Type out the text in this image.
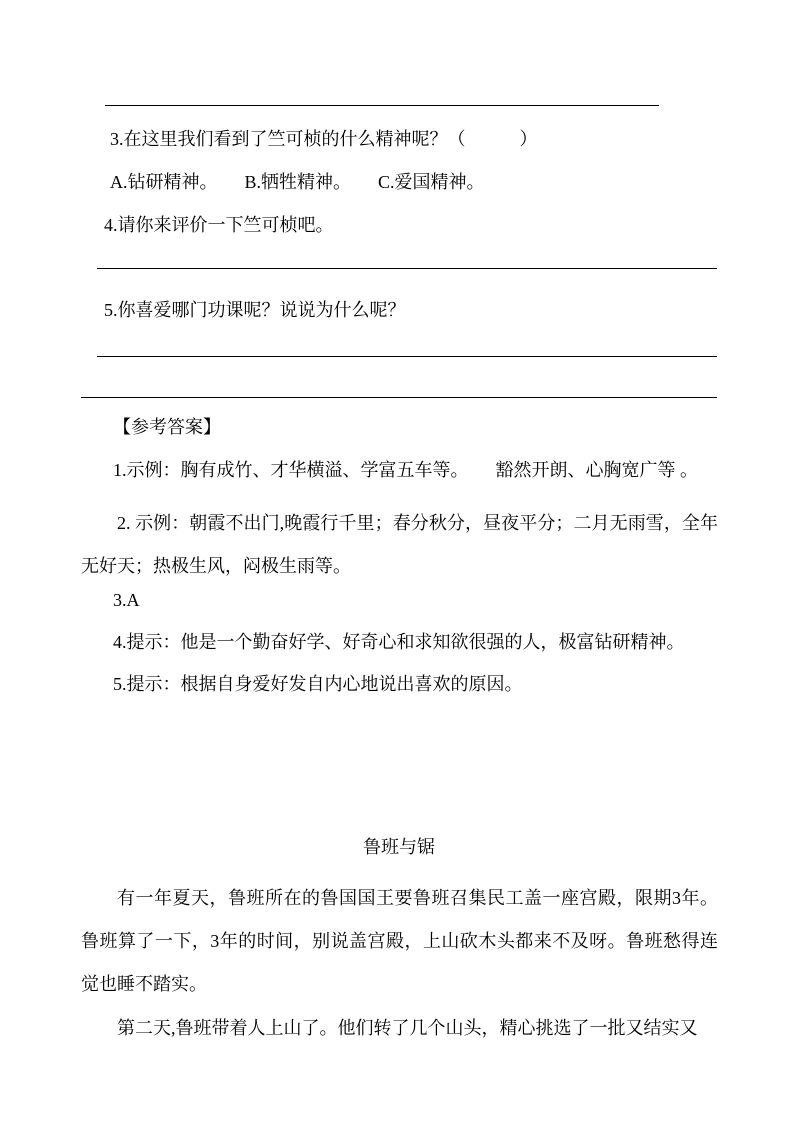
3.在这里我们看到了竺可桢的什么精神呢？（　　　）
A.钻研精神。　　B.牺牲精神。　　C.爱国精神。
4.请你来评价一下竺可桢吧。
5.你喜爱哪门功课呢？说说为什么呢？
【参考答案】
1.示例：胸有成竹、才华横溢、学富五车等。　　豁然开朗、心胸宽广等 。
2. 示例：朝霞不出门,晚霞行千里；春分秋分，昼夜平分；二月无雨雪，全年无好天；热极生风，闷极生雨等。
3.A
4.提示：他是一个勤奋好学、好奇心和求知欲很强的人，极富钻研精神。
5.提示：根据自身爱好发自内心地说出喜欢的原因。
鲁班与锯
有一年夏天，鲁班所在的鲁国国王要鲁班召集民工盖一座宫殿，限期3年。鲁班算了一下，3年的时间，别说盖宫殿，上山砍木头都来不及呀。鲁班愁得连觉也睡不踏实。
第二天,鲁班带着人上山了。他们转了几个山头，精心挑选了一批又结实又
